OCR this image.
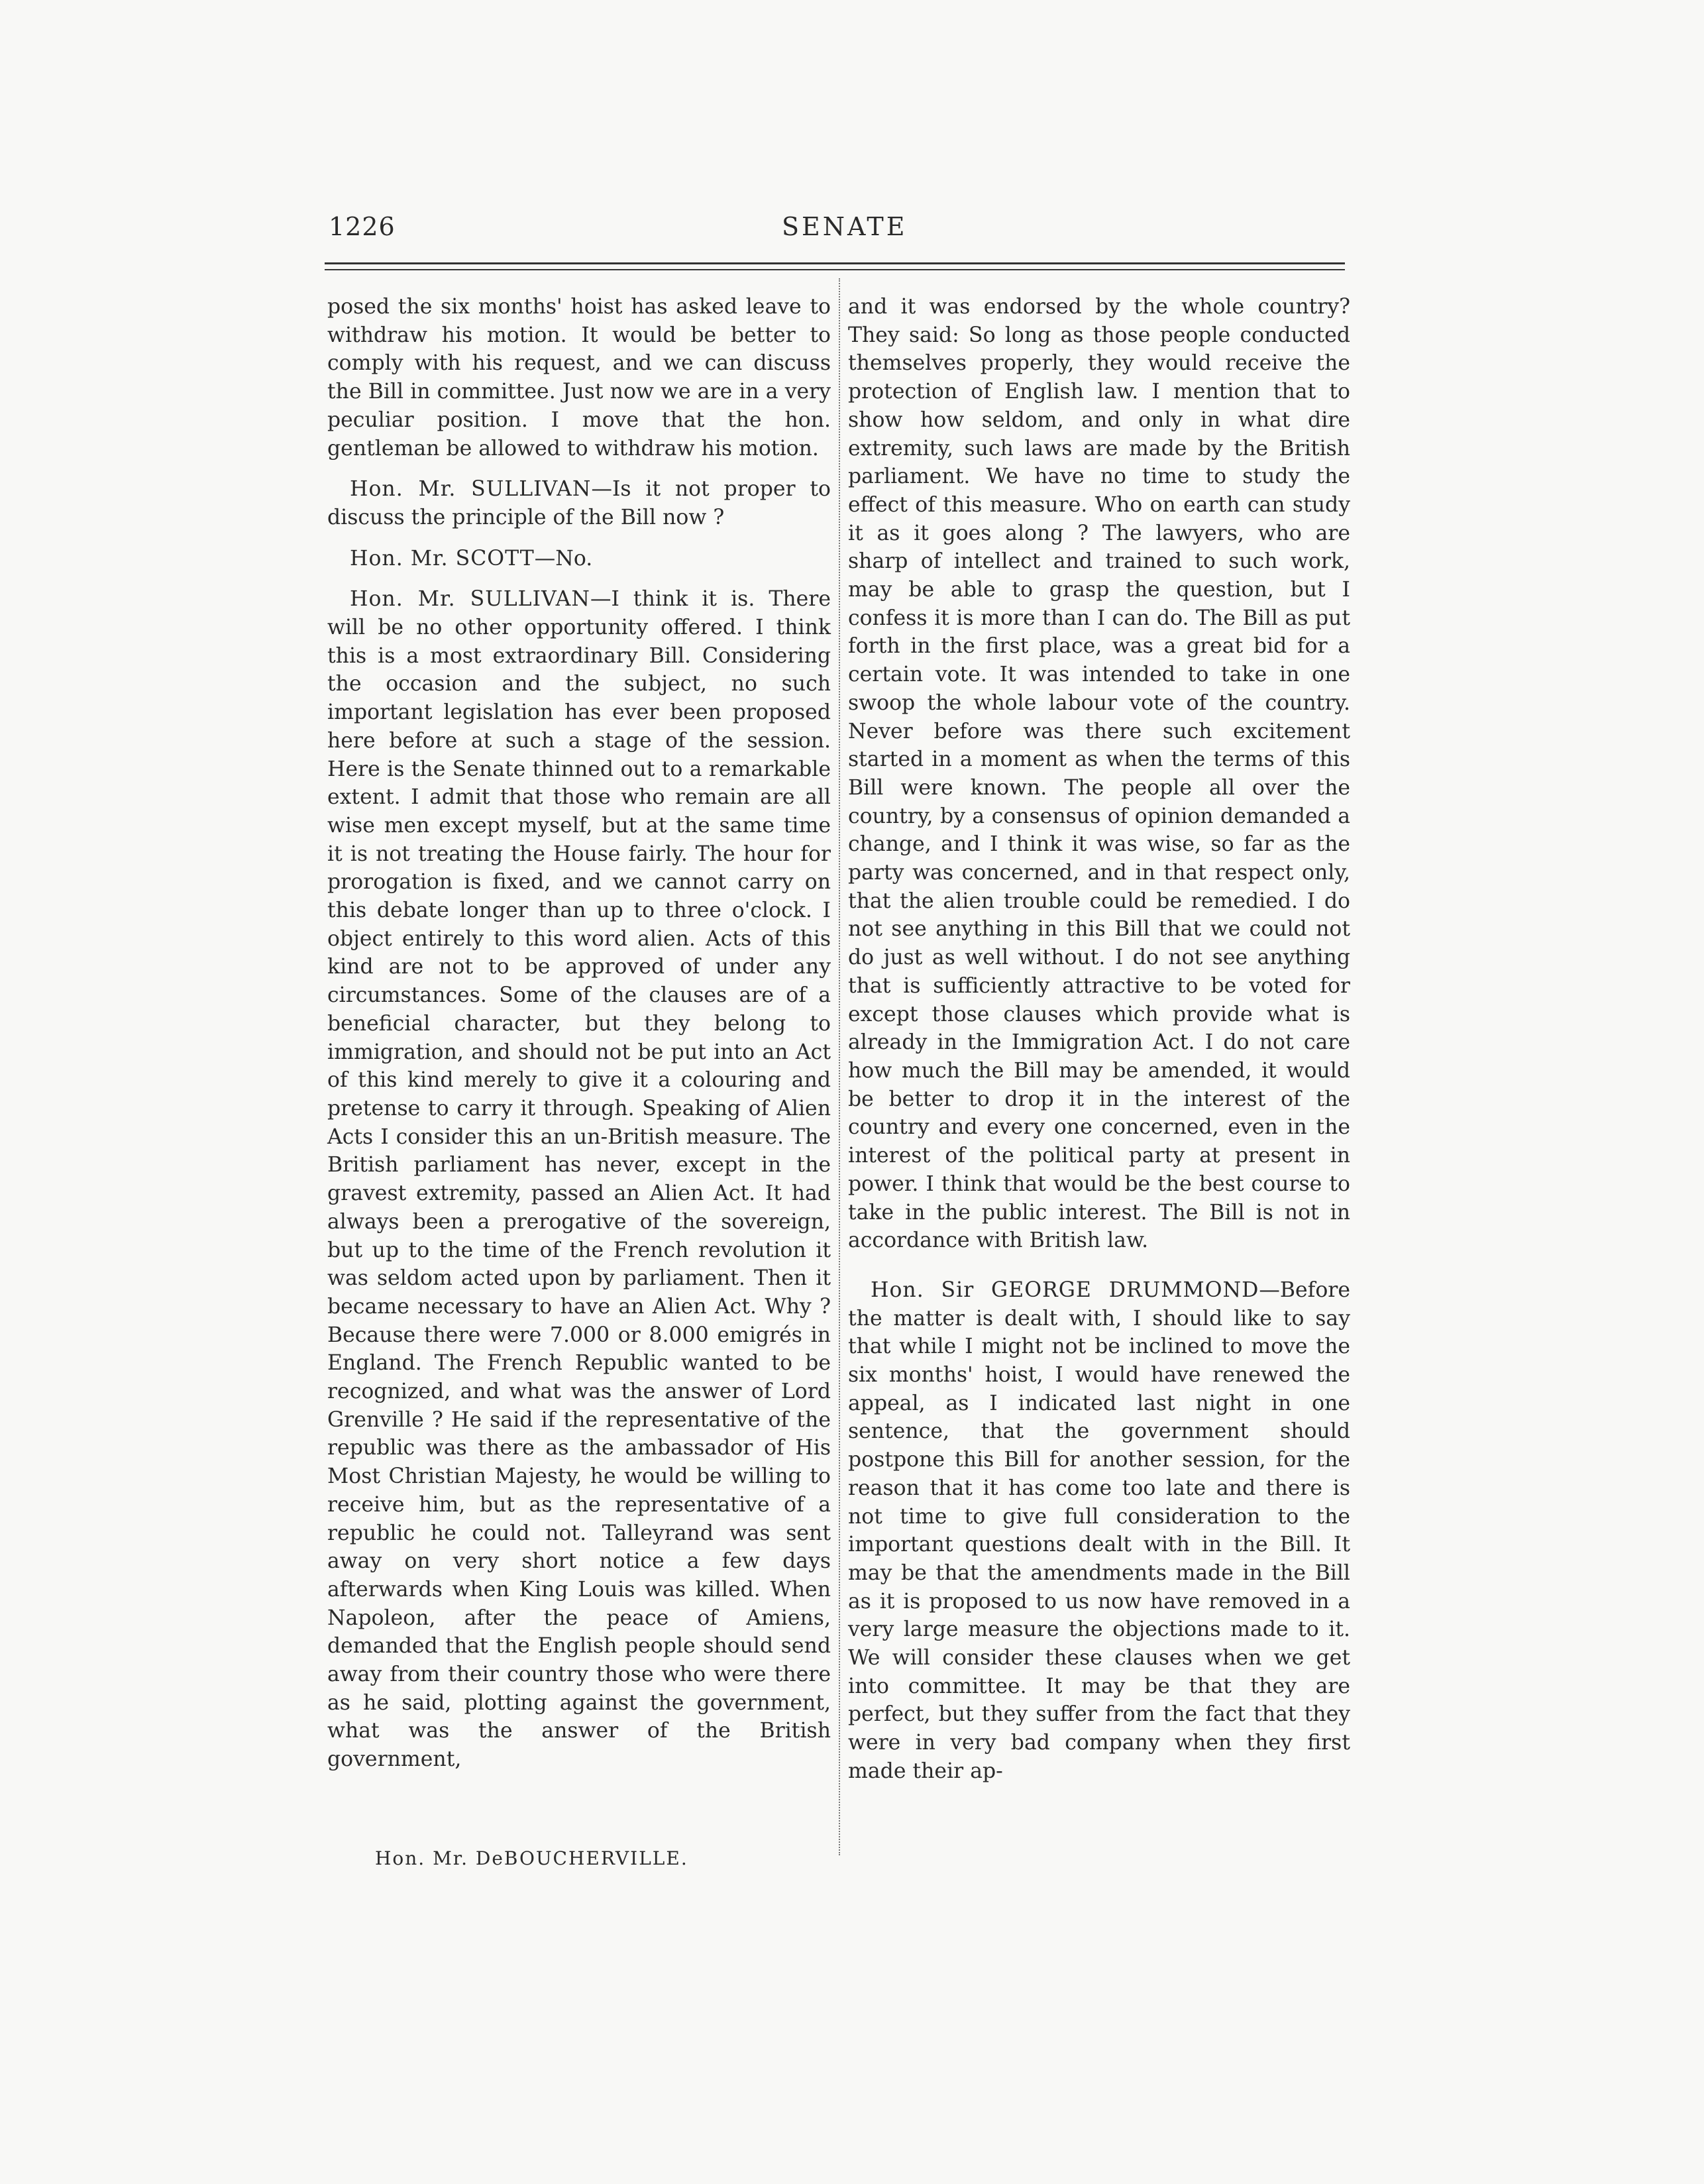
1226	SENATE

posed the six months' hoist has asked leave to withdraw his motion. It would be better to comply with his request, and we can discuss the Bill in committee. Just now we are in a very peculiar position. I move that the hon. gentleman be allowed to withdraw his motion.

Hon. Mr. SULLIVAN—Is it not proper to discuss the principle of the Bill now ?

Hon. Mr. SCOTT—No.

Hon. Mr. SULLIVAN—I think it is. There will be no other opportunity offered. I think this is a most extraordinary Bill. Considering the occasion and the subject, no such important legislation has ever been proposed here before at such a stage of the session. Here is the Senate thinned out to a remarkable extent. I admit that those who remain are all wise men except myself, but at the same time it is not treating the House fairly. The hour for prorogation is fixed, and we cannot carry on this debate longer than up to three o'clock. I object entirely to this word alien. Acts of this kind are not to be approved of under any circumstances. Some of the clauses are of a beneficial character, but they belong to immigration, and should not be put into an Act of this kind merely to give it a colouring and pretense to carry it through. Speaking of Alien Acts I consider this an un-British measure. The British parliament has never, except in the gravest extremity, passed an Alien Act. It had always been a prerogative of the sovereign, but up to the time of the French revolution it was seldom acted upon by parliament. Then it became necessary to have an Alien Act. Why ? Because there were 7.000 or 8.000 emigrés in England. The French Republic wanted to be recognized, and what was the answer of Lord Grenville ? He said if the representative of the republic was there as the ambassador of His Most Christian Majesty, he would be willing to receive him, but as the representative of a republic he could not. Talleyrand was sent away on very short notice a few days afterwards when King Louis was killed. When Napoleon, after the peace of Amiens, demanded that the English people should send away from their country those who were there as he said, plotting against the government, what was the answer of the British government,

and it was endorsed by the whole country? They said: So long as those people conducted themselves properly, they would receive the protection of English law. I mention that to show how seldom, and only in what dire extremity, such laws are made by the British parliament. We have no time to study the effect of this measure. Who on earth can study it as it goes along ? The lawyers, who are sharp of intellect and trained to such work, may be able to grasp the question, but I confess it is more than I can do. The Bill as put forth in the first place, was a great bid for a certain vote. It was intended to take in one swoop the whole labour vote of the country. Never before was there such excitement started in a moment as when the terms of this Bill were known. The people all over the country, by a consensus of opinion demanded a change, and I think it was wise, so far as the party was concerned, and in that respect only, that the alien trouble could be remedied. I do not see anything in this Bill that we could not do just as well without. I do not see anything that is sufficiently attractive to be voted for except those clauses which provide what is already in the Immigration Act. I do not care how much the Bill may be amended, it would be better to drop it in the interest of the country and every one concerned, even in the interest of the political party at present in power. I think that would be the best course to take in the public interest. The Bill is not in accordance with British law.

Hon. Sir GEORGE DRUMMOND—Before the matter is dealt with, I should like to say that while I might not be inclined to move the six months' hoist, I would have renewed the appeal, as I indicated last night in one sentence, that the government should postpone this Bill for another session, for the reason that it has come too late and there is not time to give full consideration to the important questions dealt with in the Bill. It may be that the amendments made in the Bill as it is proposed to us now have removed in a very large measure the objections made to it. We will consider these clauses when we get into committee. It may be that they are perfect, but they suffer from the fact that they were in very bad company when they first made their ap-

Hon. Mr. DeBOUCHERVILLE.
